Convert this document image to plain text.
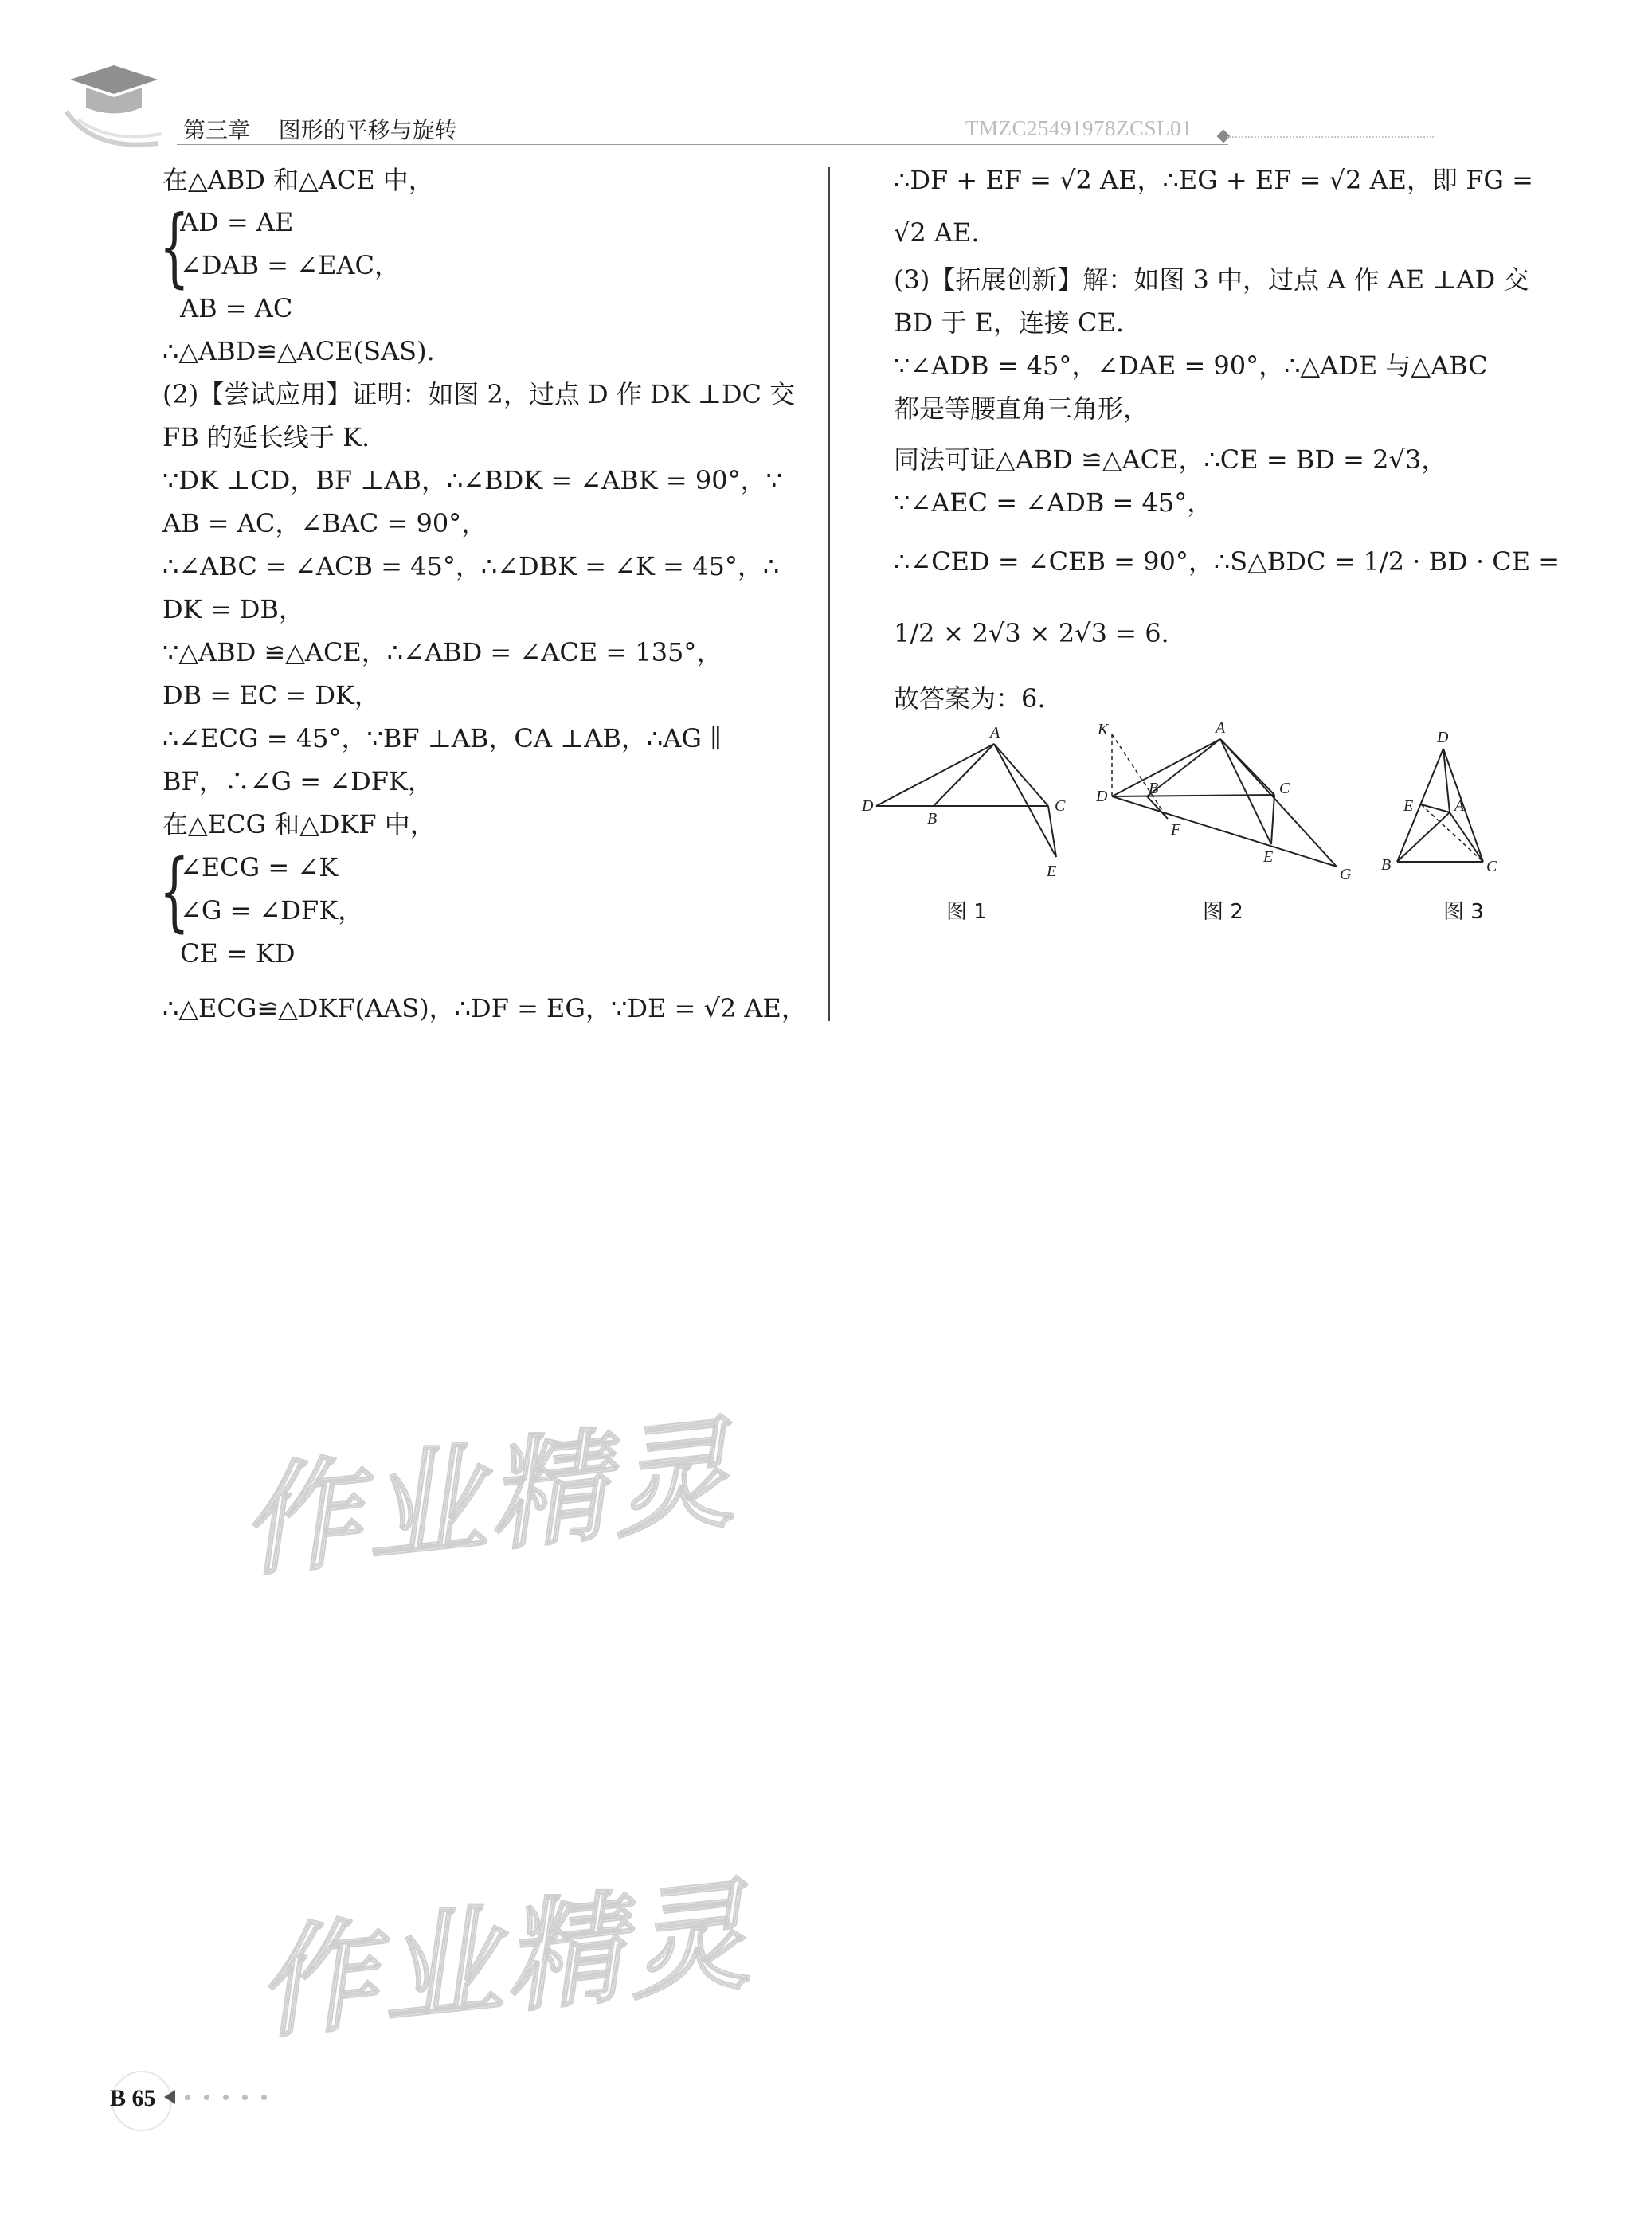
第三章 图形的平移与旋转	TMZC25491978ZCSL01
在△ABD 和△ACE 中，
{
AD = AE
∠DAB = ∠EAC，
AB = AC
∴△ABD≌△ACE(SAS).
(2)【尝试应用】证明：如图 2，过点 D 作 DK ⊥DC 交
FB 的延长线于 K.
∵DK ⊥CD，BF ⊥AB，∴∠BDK = ∠ABK = 90°，∵
AB = AC，∠BAC = 90°，
∴∠ABC = ∠ACB = 45°，∴∠DBK = ∠K = 45°，∴
DK = DB，
∵△ABD ≌△ACE，∴∠ABD = ∠ACE = 135°，
DB = EC = DK，
∴∠ECG = 45°，∵BF ⊥AB，CA ⊥AB，∴AG ∥
BF，∴∠G = ∠DFK，
在△ECG 和△DKF 中，
{
∠ECG = ∠K
∠G = ∠DFK，
CE = KD
∴△ECG≌△DKF(AAS)，∴DF = EG，∵DE = √2 AE，
∴DF + EF = √2 AE，∴EG + EF = √2 AE，即 FG =
√2 AE.
(3)【拓展创新】解：如图 3 中，过点 A 作 AE ⊥AD 交
BD 于 E，连接 CE.
∵∠ADB = 45°，∠DAE = 90°，∴△ADE 与△ABC
都是等腰直角三角形，
同法可证△ABD ≌△ACE，∴CE = BD = 2√3，
∵∠AEC = ∠ADB = 45°，
∴∠CED = ∠CEB = 90°，∴S△BDC = 1/2 · BD · CE =
1/2 × 2√3 × 2√3 = 6.
故答案为：6.
A
D
B
C
E
图 1
K	A
D	B	C
F
E
G
图 2
D
E	A
B	C
图 3
作业精灵
作业精灵
B 65
